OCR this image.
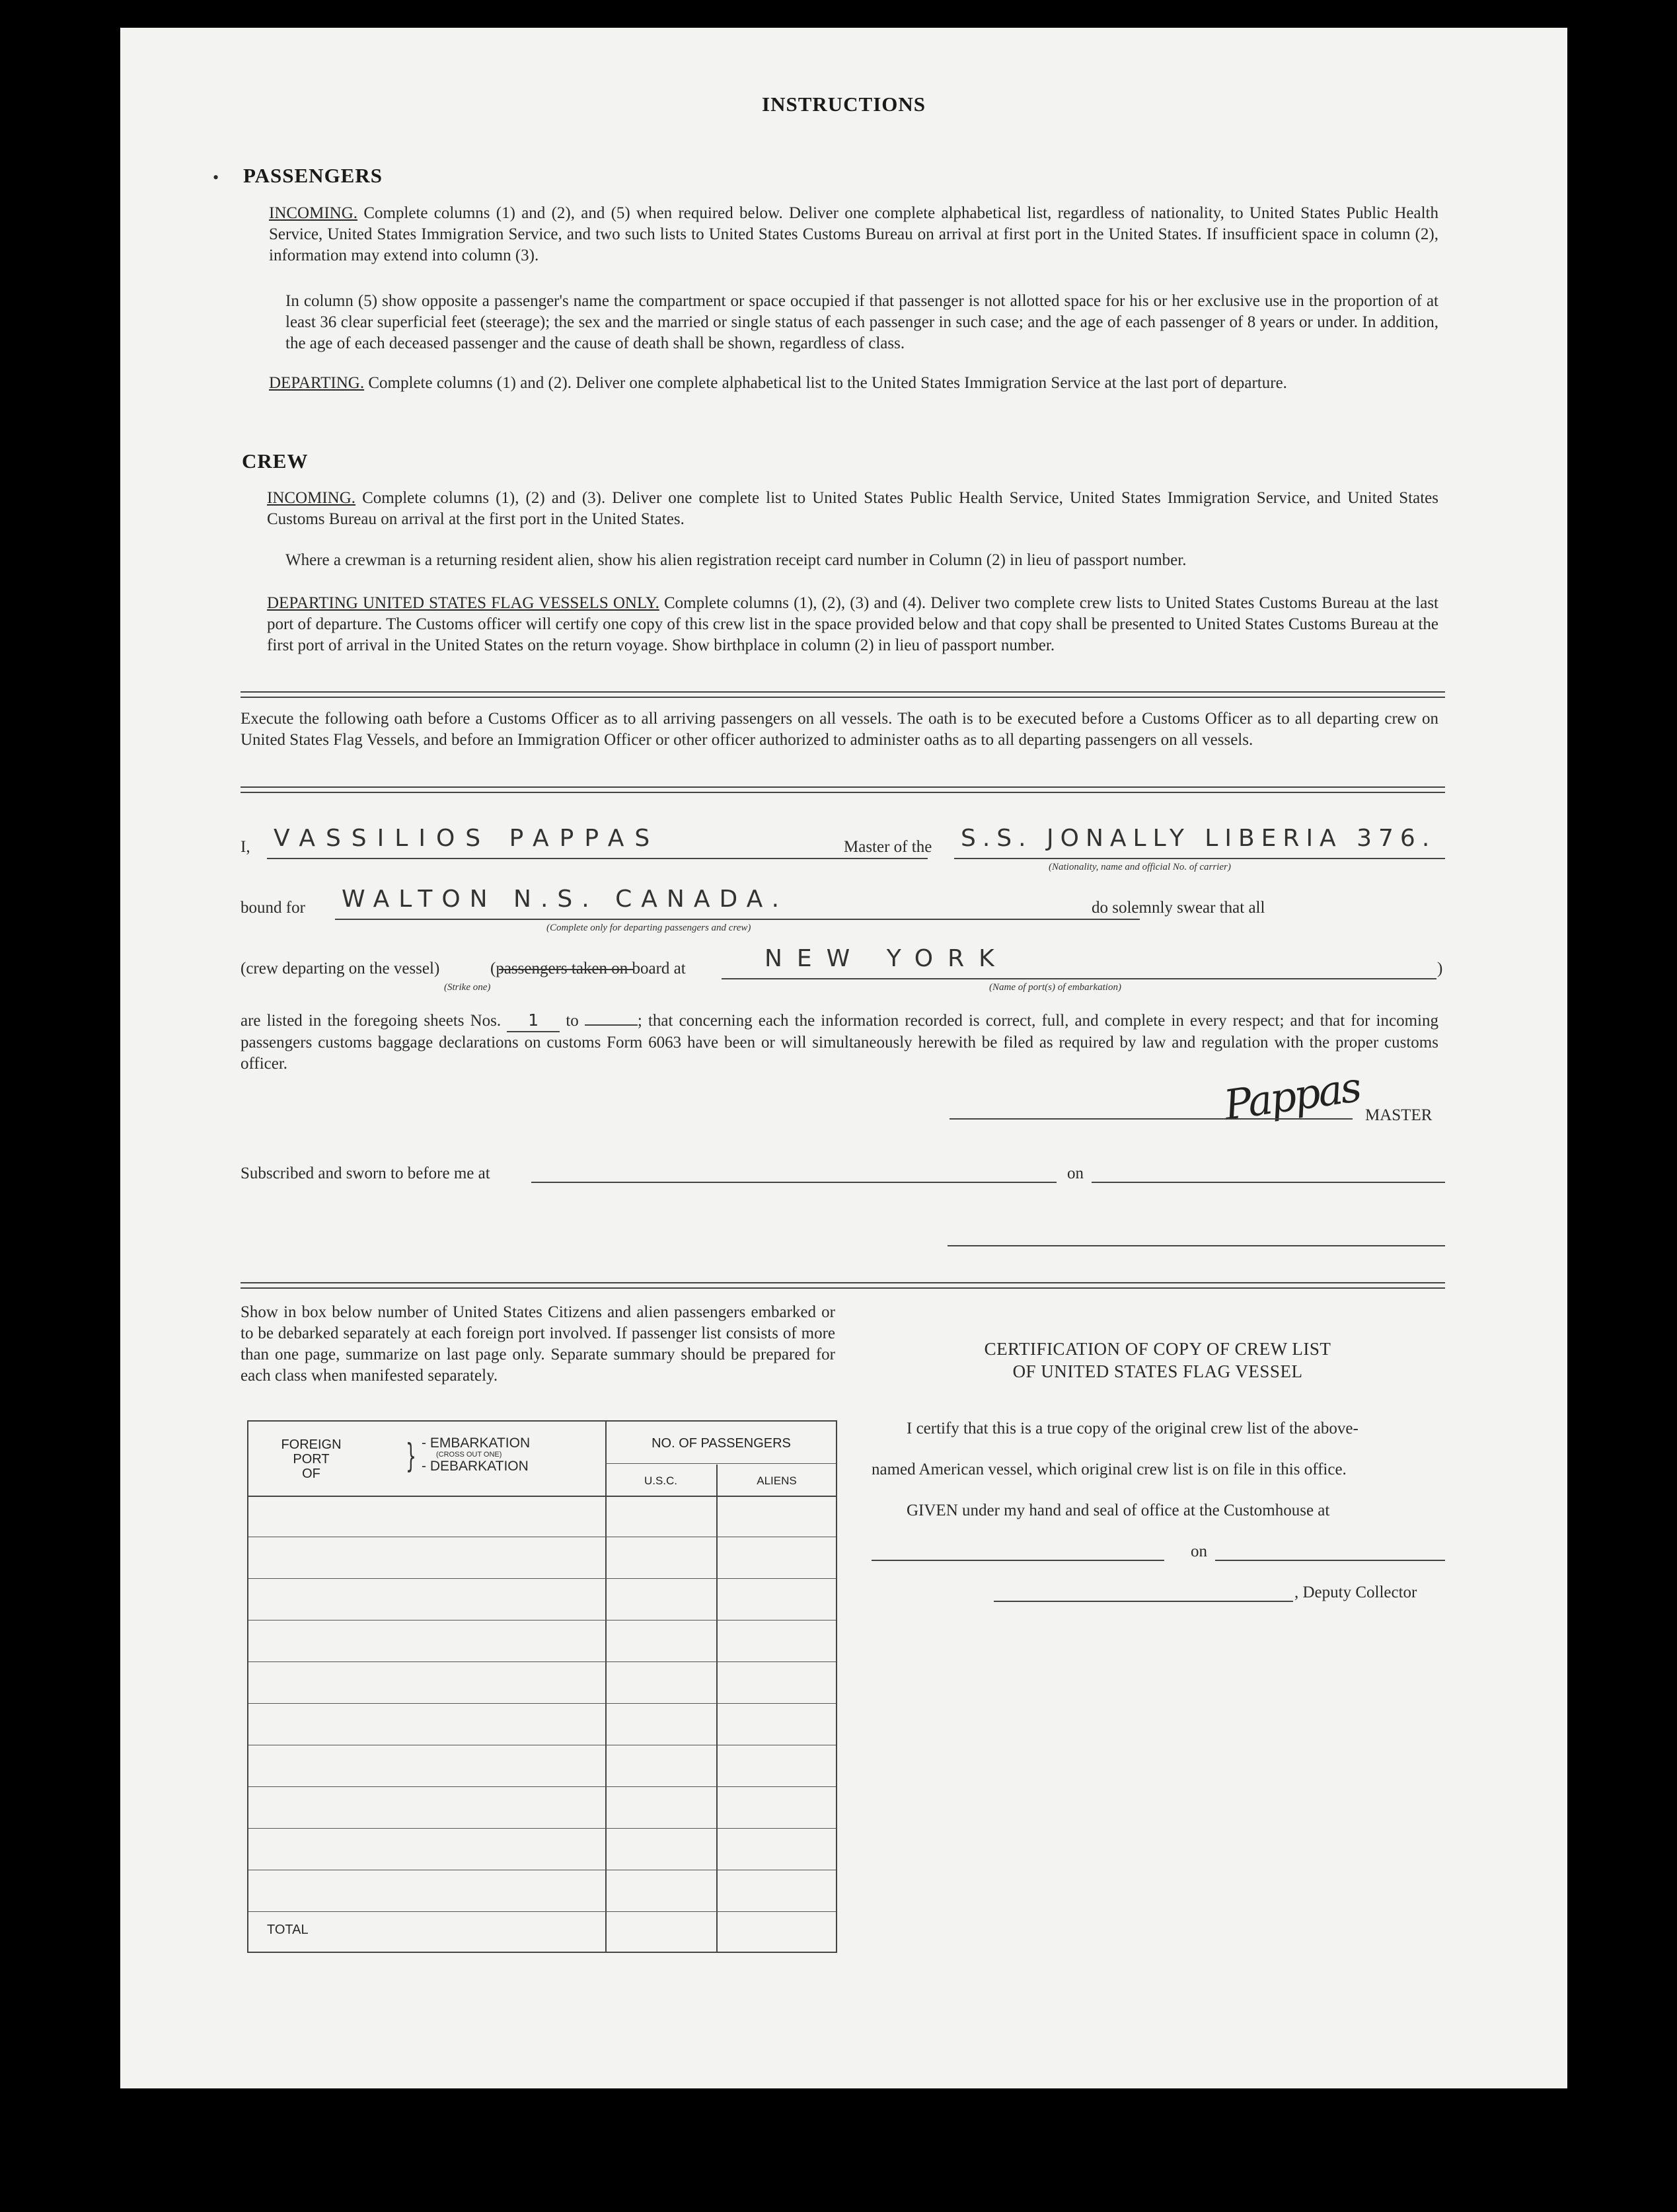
INSTRUCTIONS
• PASSENGERS
INCOMING. Complete columns (1) and (2), and (5) when required below. Deliver one complete alphabetical list, regardless of nationality, to United States Public Health Service, United States Immigration Service, and two such lists to United States Customs Bureau on arrival at first port in the United States. If insufficient space in column (2), information may extend into column (3).
In column (5) show opposite a passenger's name the compartment or space occupied if that passenger is not allotted space for his or her exclusive use in the proportion of at least 36 clear superficial feet (steerage); the sex and the married or single status of each passenger in such case; and the age of each passenger of 8 years or under. In addition, the age of each deceased passenger and the cause of death shall be shown, regardless of class.
DEPARTING. Complete columns (1) and (2). Deliver one complete alphabetical list to the United States Immigration Service at the last port of departure.
CREW
INCOMING. Complete columns (1), (2) and (3). Deliver one complete list to United States Public Health Service, United States Immigration Service, and United States Customs Bureau on arrival at the first port in the United States.
Where a crewman is a returning resident alien, show his alien registration receipt card number in Column (2) in lieu of passport number.
DEPARTING UNITED STATES FLAG VESSELS ONLY. Complete columns (1), (2), (3) and (4). Deliver two complete crew lists to United States Customs Bureau at the last port of departure. The Customs officer will certify one copy of this crew list in the space provided below and that copy shall be presented to United States Customs Bureau at the first port of arrival in the United States on the return voyage. Show birthplace in column (2) in lieu of passport number.
Execute the following oath before a Customs Officer as to all arriving passengers on all vessels. The oath is to be executed before a Customs Officer as to all departing crew on United States Flag Vessels, and before an Immigration Officer or other officer authorized to administer oaths as to all departing passengers on all vessels.
I, VASSILIOS PAPPAS	Master of the S.S. JONALLY LIBERIA 376.
(Nationality, name and official No. of carrier)
bound for WALTON N.S. CANADA.	do solemnly swear that all
(Complete only for departing passengers and crew)
(crew departing on the vessel)	(passengers taken on board at
(Strike one)
NEW YORK	)
(Name of port(s) of embarkation)
are listed in the foregoing sheets Nos. 1 to	; that concerning each the information recorded is correct, full, and complete in every respect; and that for incoming passengers customs baggage declarations on customs Form 6063 have been or will simultaneously herewith be filed as required by law and regulation with the proper customs officer.	Pappas MASTER
Subscribed and sworn to before me at	on
Show in box below number of United States Citizens and alien passengers embarked or to be debarked separately at each foreign port involved. If passenger list consists of more than one page, summarize on last page only. Separate summary should be prepared for each class when manifested separately.
FOREIGN
PORT
OF	} - EMBARKATION
(CROSS OUT ONE)
- DEBARKATION
NO. OF PASSENGERS
U.S.C.	ALIENS
TOTAL
CERTIFICATION OF COPY OF CREW LIST
OF UNITED STATES FLAG VESSEL
I certify that this is a true copy of the original crew list of the above-
named American vessel, which original crew list is on file in this office.
GIVEN under my hand and seal of office at the Customhouse at
on
, Deputy Collector
